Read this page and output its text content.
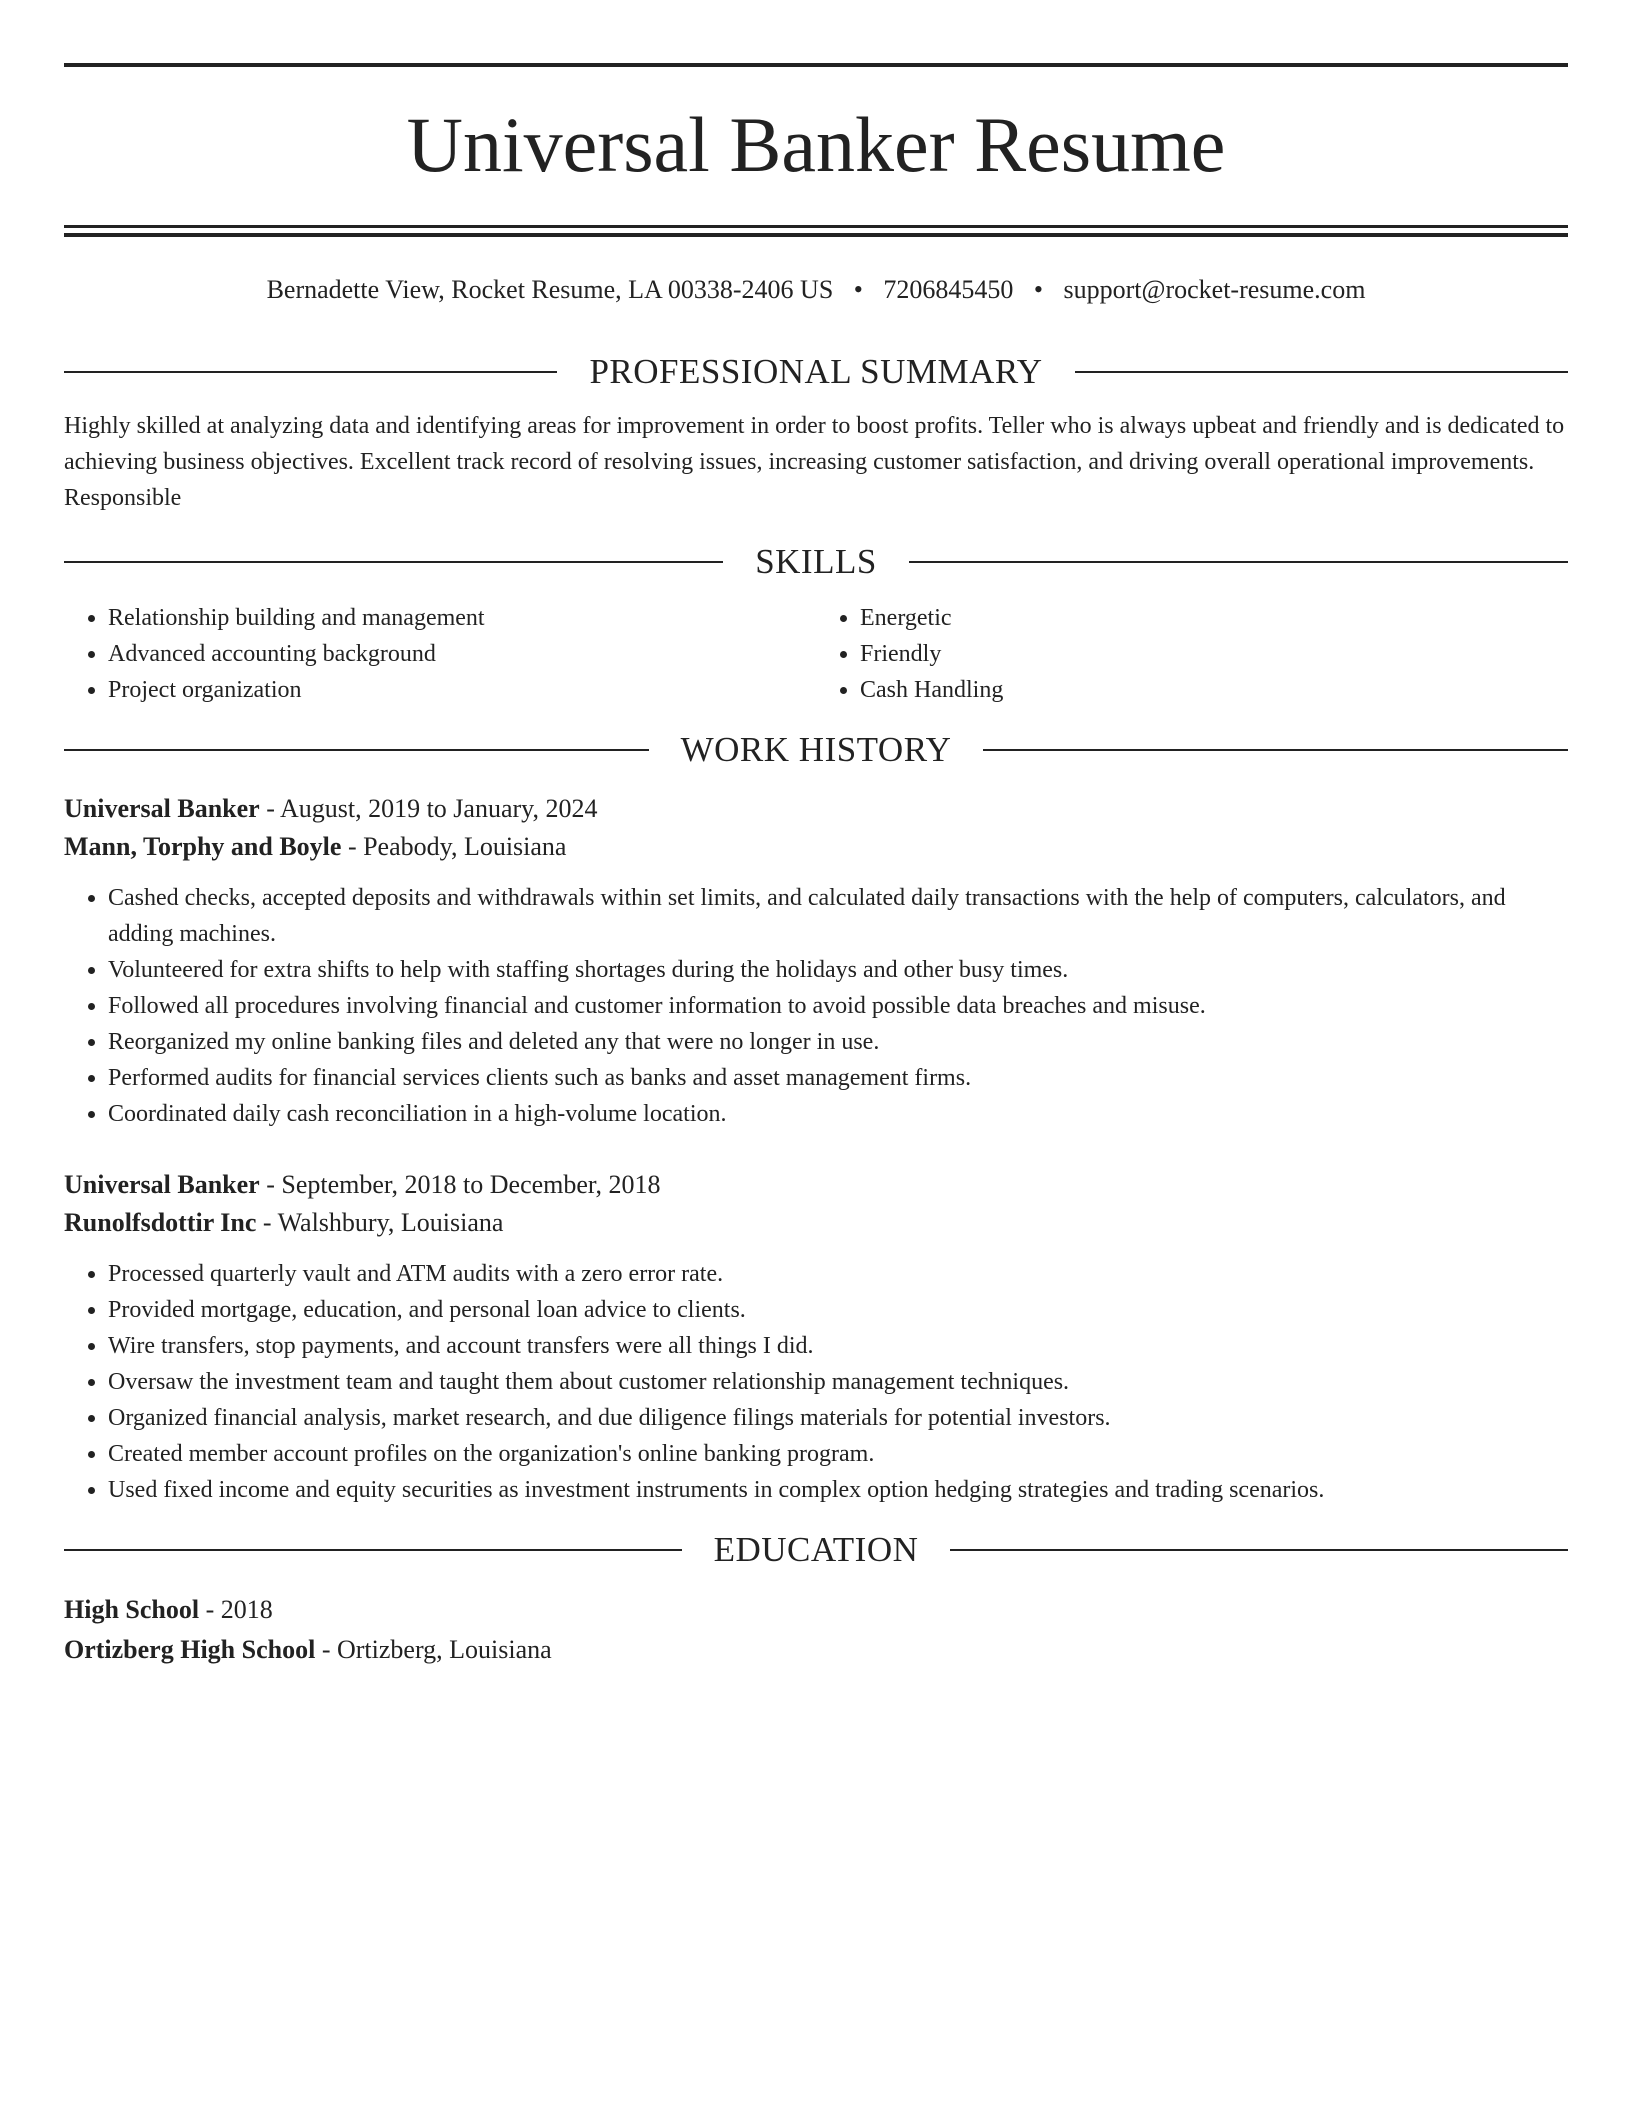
Universal Banker Resume
Bernadette View, Rocket Resume, LA 00338-2406 US • 7206845450 • support@rocket-resume.com
PROFESSIONAL SUMMARY

Highly skilled at analyzing data and identifying areas for improvement in order to boost profits. Teller who is always upbeat and friendly and is dedicated to achieving business objectives. Excellent track record of resolving issues, increasing customer satisfaction, and driving overall operational improvements. Responsible

SKILLS
• Relationship building and management
• Advanced accounting background
• Project organization
• Energetic
• Friendly
• Cash Handling
WORK HISTORY
Universal Banker - August, 2019 to January, 2024
Mann, Torphy and Boyle - Peabody, Louisiana
• Cashed checks, accepted deposits and withdrawals within set limits, and calculated daily transactions with the help of computers, calculators, and adding machines.
• Volunteered for extra shifts to help with staffing shortages during the holidays and other busy times.
• Followed all procedures involving financial and customer information to avoid possible data breaches and misuse.
• Reorganized my online banking files and deleted any that were no longer in use.
• Performed audits for financial services clients such as banks and asset management firms.
• Coordinated daily cash reconciliation in a high-volume location.
Universal Banker - September, 2018 to December, 2018
Runolfsdottir Inc - Walshbury, Louisiana
• Processed quarterly vault and ATM audits with a zero error rate.
• Provided mortgage, education, and personal loan advice to clients.
• Wire transfers, stop payments, and account transfers were all things I did.
• Oversaw the investment team and taught them about customer relationship management techniques.
• Organized financial analysis, market research, and due diligence filings materials for potential investors.
• Created member account profiles on the organization's online banking program.
• Used fixed income and equity securities as investment instruments in complex option hedging strategies and trading scenarios.
EDUCATION
High School - 2018
Ortizberg High School - Ortizberg, Louisiana
